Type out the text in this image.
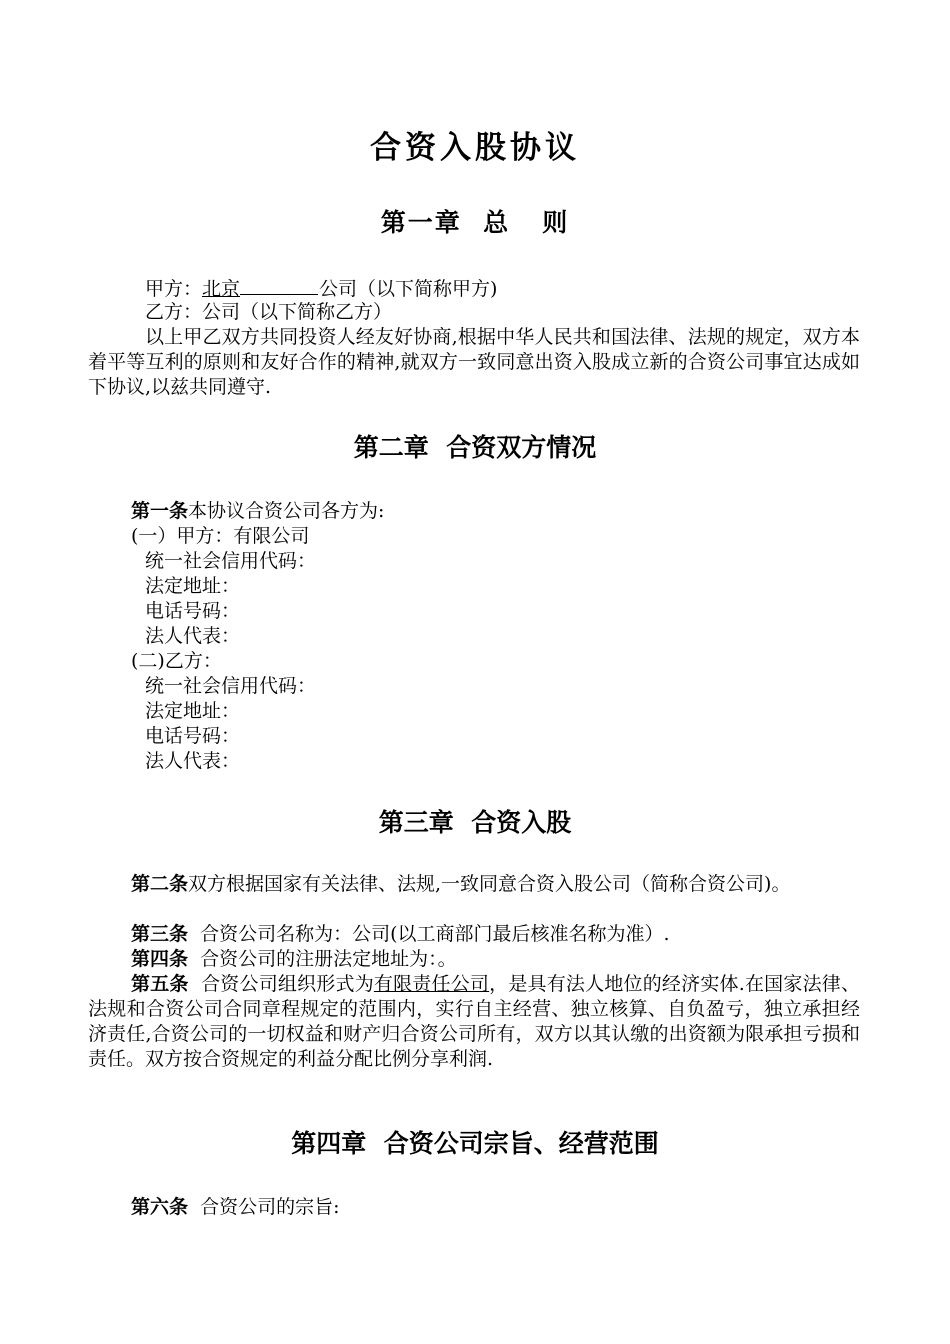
合资入股协议
第一章  总   则
甲方：北京	公司（以下简称甲方)
乙方：公司（以下简称乙方）
以上甲乙双方共同投资人经友好协商,根据中华人民共和国法律、法规的规定，双方本着平等互利的原则和友好合作的精神,就双方一致同意出资入股成立新的合资公司事宜达成如下协议,以兹共同遵守.
第二章  合资双方情况
第一条本协议合资公司各方为:
(一）甲方：有限公司
统一社会信用代码：
法定地址：
电话号码：
法人代表：
(二)乙方：
统一社会信用代码：
法定地址：
电话号码：
法人代表：
第三章  合资入股
第二条双方根据国家有关法律、法规,一致同意合资入股公司（简称合资公司)。
第三条  合资公司名称为：公司(以工商部门最后核准名称为准）.
第四条  合资公司的注册法定地址为：。
第五条  合资公司组织形式为有限责任公司，是具有法人地位的经济实体.在国家法律、法规和合资公司合同章程规定的范围内，实行自主经营、独立核算、自负盈亏，独立承担经济责任,合资公司的一切权益和财产归合资公司所有，双方以其认缴的出资额为限承担亏损和责任。双方按合资规定的利益分配比例分享利润.
第四章  合资公司宗旨、经营范围
第六条  合资公司的宗旨:
